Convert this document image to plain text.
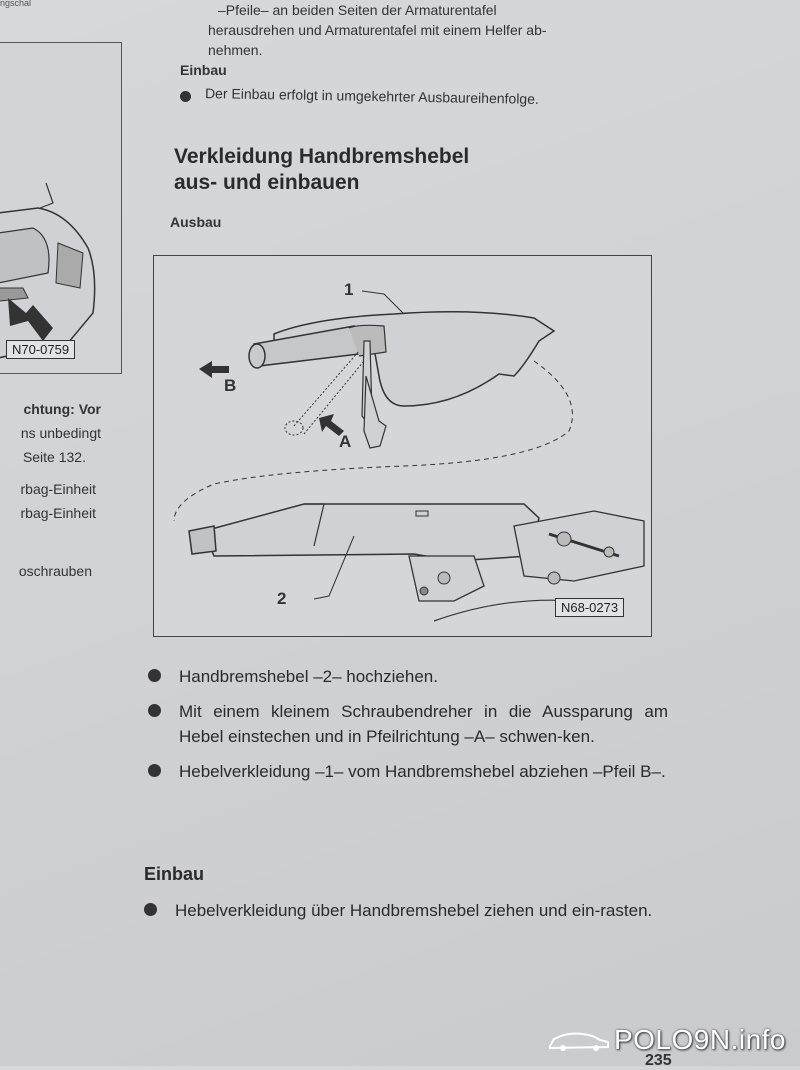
ngschal	–Pfeile– an beiden Seiten der Armaturentafel
herausdrehen und Armaturentafel mit einem Helfer ab-
nehmen.
Einbau
Der Einbau erfolgt in umgekehrter Ausbaureihenfolge.
Verkleidung Handbremshebel
aus- und einbauen
Ausbau
N70-0759
chtung: Vor
ns unbedingt
Seite 132.
rbag-Einheit
rbag-Einheit
oschrauben
1
B
A
2	N68-0273
Handbremshebel –2– hochziehen.
Mit einem kleinem Schraubendreher in die Aussparung am Hebel einstechen und in Pfeilrichtung –A– schwen-ken.
Hebelverkleidung –1– vom Handbremshebel abziehen –Pfeil B–.
Einbau
Hebelverkleidung über Handbremshebel ziehen und ein-rasten.
235
POLO9N.info
